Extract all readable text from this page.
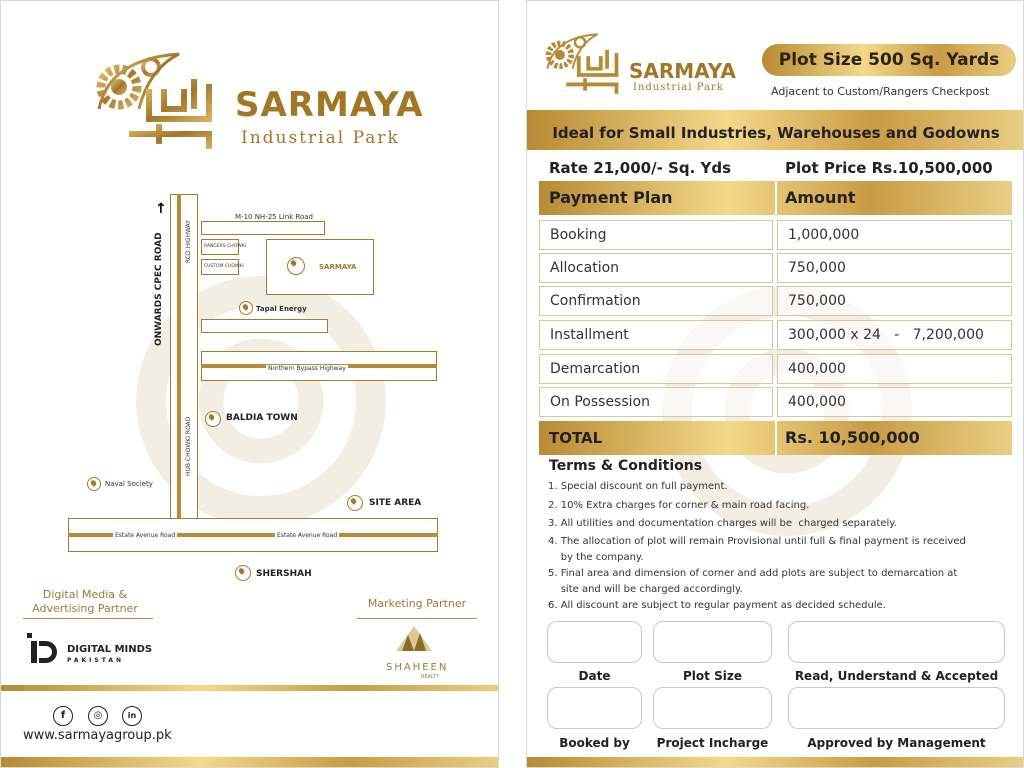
SARMAYA
Industrial Park
↑
ONWARDS CPEC ROAD	RCD HIGHWAY
HUB CHOWKI ROAD
M-10 NH-25 Link Road
RANGERS CHOWKI
CUSTOM CHOWKI	SARMAYA
Tapal Energy
Northern Bypass Highway
BALDIA TOWN
Naval Society
SITE AREA
Estate Avenue Road	Estate Avenue Road
SHERSHAH
Digital Media &
Advertising Partner
DIGITAL MINDS
PAKISTAN
Marketing Partner
SHAHEEN
REALTY
f	◎	in
www.sarmayagroup.pk
SARMAYA
Industrial Park
Plot Size 500 Sq. Yards
Adjacent to Custom/Rangers Checkpost
Ideal for Small Industries, Warehouses and Godowns
Rate 21,000/- Sq. Yds	Plot Price Rs.10,500,000
Payment Plan	Amount
Booking	1,000,000
Allocation	750,000
Confirmation	750,000
Installment	300,000 x 24   -   7,200,000
Demarcation	400,000
On Possession	400,000
TOTAL	Rs. 10,500,000
Terms & Conditions
1. Special discount on full payment.
2. 10% Extra charges for corner & main road facing.
3. All utilities and documentation charges will be  charged separately.
4. The allocation of plot will remain Provisional until full & final payment is received
by the company.
5. Final area and dimension of corner and add plots are subject to demarcation at
site and will be charged accordingly.
6. All discount are subject to regular payment as decided schedule.
Date	Plot Size	Read, Understand & Accepted
Booked by	Project Incharge	Approved by Management
